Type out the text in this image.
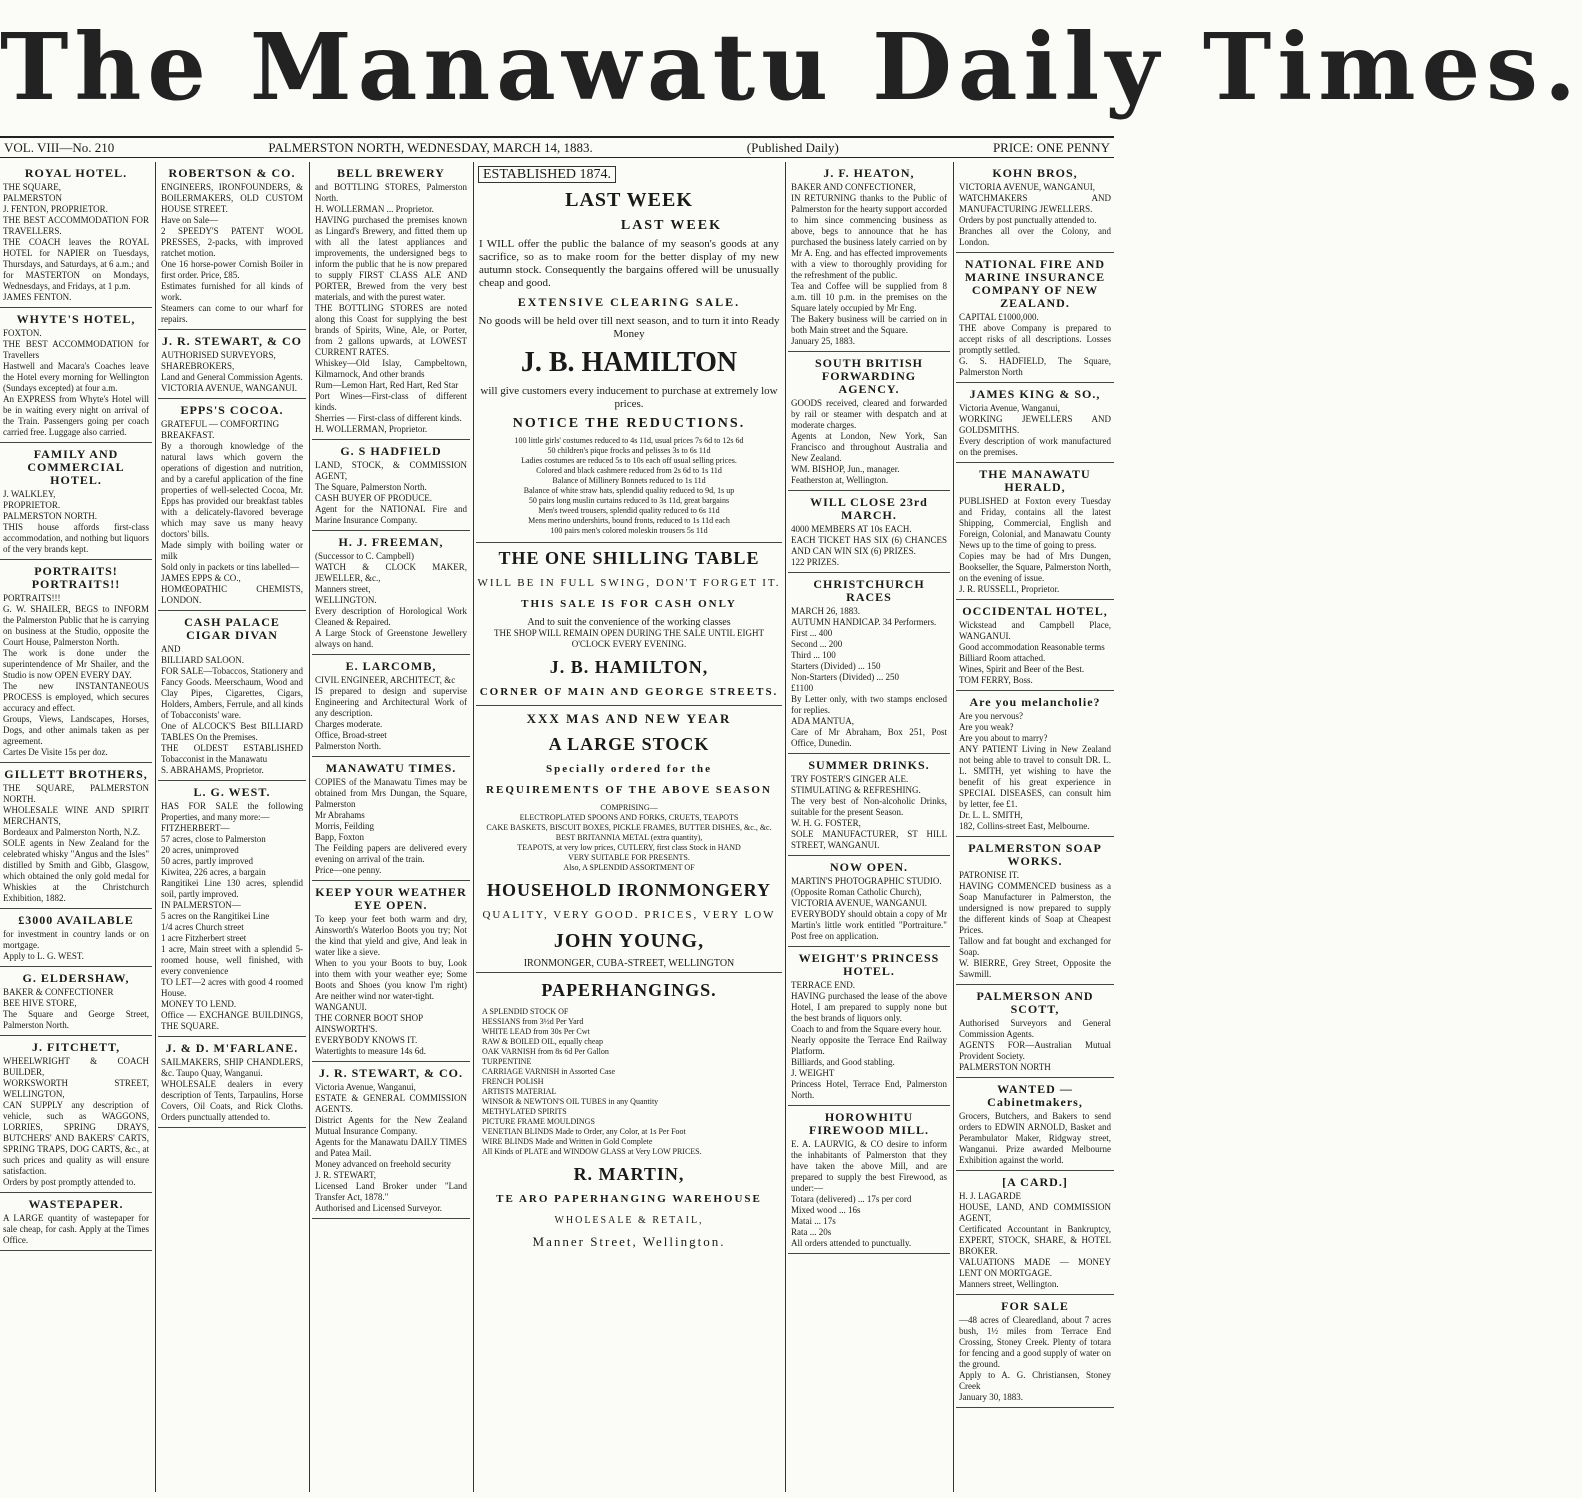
The Manawatu Daily Times.
VOL. VIII—No. 210	PALMERSTON NORTH, WEDNESDAY, MARCH 14, 1883.	(Published Daily)	PRICE: ONE PENNY
ROYAL HOTEL.
THE SQUARE,
PALMERSTON
J. FENTON, PROPRIETOR.
THE BEST ACCOMMODATION FOR TRAVELLERS.
THE COACH leaves the ROYAL HOTEL for NAPIER on Tuesdays, Thursdays, and Saturdays, at 6 a.m.; and for MASTERTON on Mondays, Wednesdays, and Fridays, at 1 p.m.
JAMES FENTON.
WHYTE'S HOTEL,
FOXTON.
THE BEST ACCOMMODATION for Travellers
Hastwell and Macara's Coaches leave the Hotel every morning for Wellington (Sundays excepted) at four a.m.
An EXPRESS from Whyte's Hotel will be in waiting every night on arrival of the Train. Passengers going per coach carried free. Luggage also carried.
FAMILY AND COMMERCIAL HOTEL.
J. WALKLEY,
PROPRIETOR.
PALMERSTON NORTH.
THIS house affords first-class accommodation, and nothing but liquors of the very brands kept.
PORTRAITS! PORTRAITS!!
PORTRAITS!!!
G. W. SHAILER, BEGS to INFORM the Palmerston Public that he is carrying on business at the Studio, opposite the Court House, Palmerston North.
The work is done under the superintendence of Mr Shailer, and the Studio is now OPEN EVERY DAY.
The new INSTANTANEOUS PROCESS is employed, which secures accuracy and effect.
Groups, Views, Landscapes, Horses, Dogs, and other animals taken as per agreement.
Cartes De Visite 15s per doz.
GILLETT BROTHERS,
THE SQUARE, PALMERSTON NORTH.
WHOLESALE WINE AND SPIRIT MERCHANTS,
Bordeaux and Palmerston North, N.Z.
SOLE agents in New Zealand for the celebrated whisky "Angus and the Isles" distilled by Smith and Gibb, Glasgow, which obtained the only gold medal for Whiskies at the Christchurch Exhibition, 1882.
£3000 AVAILABLE
for investment in country lands or on mortgage.
Apply to L. G. WEST.
G. ELDERSHAW,
BAKER & CONFECTIONER
BEE HIVE STORE,
The Square and George Street, Palmerston North.
J. FITCHETT,
WHEELWRIGHT & COACH BUILDER,
WORKSWORTH STREET, WELLINGTON,
CAN SUPPLY any description of vehicle, such as WAGGONS, LORRIES, SPRING DRAYS, BUTCHERS' AND BAKERS' CARTS, SPRING TRAPS, DOG CARTS, &c., at such prices and quality as will ensure satisfaction.
Orders by post promptly attended to.
WASTEPAPER.
A LARGE quantity of wastepaper for sale cheap, for cash. Apply at the Times Office.
ROBERTSON & CO.
ENGINEERS, IRONFOUNDERS, & BOILERMAKERS, OLD CUSTOM HOUSE STREET.
Have on Sale—
2 SPEEDY'S PATENT WOOL PRESSES, 2-packs, with improved ratchet motion.
One 16 horse-power Cornish Boiler in first order. Price, £85.
Estimates furnished for all kinds of work.
Steamers can come to our wharf for repairs.
J. R. STEWART, & CO
AUTHORISED SURVEYORS,
SHAREBROKERS,
Land and General Commission Agents.
VICTORIA AVENUE, WANGANUI.
EPPS'S COCOA.
GRATEFUL — COMFORTING
BREAKFAST.
By a thorough knowledge of the natural laws which govern the operations of digestion and nutrition, and by a careful application of the fine properties of well-selected Cocoa, Mr. Epps has provided our breakfast tables with a delicately-flavored beverage which may save us many heavy doctors' bills.
Made simply with boiling water or milk
Sold only in packets or tins labelled—
JAMES EPPS & CO.,
HOMŒOPATHIC CHEMISTS, LONDON.
CASH PALACE CIGAR DIVAN
AND
BILLIARD SALOON.
FOR SALE—Tobaccos, Stationery and Fancy Goods. Meerschaum, Wood and Clay Pipes, Cigarettes, Cigars, Holders, Ambers, Ferrule, and all kinds of Tobacconists' ware.
One of ALCOCK'S Best BILLIARD TABLES On the Premises.
THE OLDEST ESTABLISHED Tobacconist in the Manawatu
S. ABRAHAMS, Proprietor.
L. G. WEST.
HAS FOR SALE the following Properties, and many more:—
FITZHERBERT—
57 acres, close to Palmerston
20 acres, unimproved
50 acres, partly improved
Kiwitea, 226 acres, a bargain
Rangitikei Line 130 acres, splendid soil, partly improved.
IN PALMERSTON—
5 acres on the Rangitikei Line
1/4 acres Church street
1 acre Fitzherbert street
1 acre, Main street with a splendid 5-roomed house, well finished, with every convenience
TO LET—2 acres with good 4 roomed House.
MONEY TO LEND.
Office — EXCHANGE BUILDINGS, THE SQUARE.
J. & D. M'FARLANE.
SAILMAKERS, SHIP CHANDLERS, &c. Taupo Quay, Wanganui.
WHOLESALE dealers in every description of Tents, Tarpaulins, Horse Covers, Oil Coats, and Rick Cloths. Orders punctually attended to.
BELL BREWERY
and BOTTLING STORES, Palmerston North.
H. WOLLERMAN ... Proprietor.
HAVING purchased the premises known as Lingard's Brewery, and fitted them up with all the latest appliances and improvements, the undersigned begs to inform the public that he is now prepared to supply FIRST CLASS ALE AND PORTER, Brewed from the very best materials, and with the purest water.
THE BOTTLING STORES are noted along this Coast for supplying the best brands of Spirits, Wine, Ale, or Porter, from 2 gallons upwards, at LOWEST CURRENT RATES.
Whiskey—Old Islay, Campbeltown, Kilmarnock, And other brands
Rum—Lemon Hart, Red Hart, Red Star
Port Wines—First-class of different kinds.
Sherries — First-class of different kinds.
H. WOLLERMAN, Proprietor.
G. S HADFIELD
LAND, STOCK, & COMMISSION AGENT,
The Square, Palmerston North.
CASH BUYER OF PRODUCE.
Agent for the NATIONAL Fire and Marine Insurance Company.
H. J. FREEMAN,
(Successor to C. Campbell)
WATCH & CLOCK MAKER, JEWELLER, &c.,
Manners street,
WELLINGTON.
Every description of Horological Work Cleaned & Repaired.
A Large Stock of Greenstone Jewellery always on hand.
E. LARCOMB,
CIVIL ENGINEER, ARCHITECT, &c
IS prepared to design and supervise Engineering and Architectural Work of any description.
Charges moderate.
Office, Broad-street
Palmerston North.
MANAWATU TIMES.
COPIES of the Manawatu Times may be obtained from Mrs Dungan, the Square, Palmerston
Mr Abrahams
Morris, Feilding
Bapp, Foxton
The Feilding papers are delivered every evening on arrival of the train.
Price—one penny.
KEEP YOUR WEATHER EYE OPEN.
To keep your feet both warm and dry, Ainsworth's Waterloo Boots you try; Not the kind that yield and give, And leak in water like a sieve.
When to you your Boots to buy, Look into them with your weather eye; Some Boots and Shoes (you know I'm right) Are neither wind nor water-tight.
WANGANUI.
THE CORNER BOOT SHOP
AINSWORTH'S.
EVERYBODY KNOWS IT.
Watertights to measure 14s 6d.
J. R. STEWART, & CO.
Victoria Avenue, Wanganui,
ESTATE & GENERAL COMMISSION AGENTS.
District Agents for the New Zealand Mutual Insurance Company.
Agents for the Manawatu DAILY TIMES and Patea Mail.
Money advanced on freehold security
J. R. STEWART,
Licensed Land Broker under "Land Transfer Act, 1878."
Authorised and Licensed Surveyor.
ESTABLISHED 1874.
LAST WEEK
LAST WEEK
I WILL offer the public the balance of my season's goods at any sacrifice, so as to make room for the better display of my new autumn stock. Consequently the bargains offered will be unusually cheap and good.
EXTENSIVE CLEARING SALE.
No goods will be held over till next season, and to turn it into Ready Money
J. B. HAMILTON
will give customers every inducement to purchase at extremely low prices.
NOTICE THE REDUCTIONS.
100 little girls' costumes reduced to 4s 11d, usual prices 7s 6d to 12s 6d
50 children's pique frocks and pelisses 3s to 6s 11d
Ladies costumes are reduced 5s to 10s each off usual selling prices.
Colored and black cashmere reduced from 2s 6d to 1s 11d
Balance of Millinery Bonnets reduced to 1s 11d
Balance of white straw hats, splendid quality reduced to 9d, 1s up
50 pairs long muslin curtains reduced to 3s 11d, great bargains
Men's tweed trousers, splendid quality reduced to 6s 11d
Mens merino undershirts, bound fronts, reduced to 1s 11d each
100 pairs men's colored moleskin trousers 5s 11d
THE ONE SHILLING TABLE
WILL BE IN FULL SWING, DON'T FORGET IT.
THIS SALE IS FOR CASH ONLY
And to suit the convenience of the working classes
THE SHOP WILL REMAIN OPEN DURING THE SALE UNTIL EIGHT O'CLOCK EVERY EVENING.
J. B. HAMILTON,
CORNER OF MAIN AND GEORGE STREETS.
XXX MAS AND NEW YEAR
A LARGE STOCK
Specially ordered for the
REQUIREMENTS OF THE ABOVE SEASON
COMPRISING—
ELECTROPLATED SPOONS AND FORKS, CRUETS, TEAPOTS
CAKE BASKETS, BISCUIT BOXES, PICKLE FRAMES, BUTTER DISHES, &c., &c.
BEST BRITANNIA METAL (extra quantity),
TEAPOTS, at very low prices, CUTLERY, first class Stock in HAND
VERY SUITABLE FOR PRESENTS.
Also, A SPLENDID ASSORTMENT OF
HOUSEHOLD IRONMONGERY
QUALITY, VERY GOOD. PRICES, VERY LOW
JOHN YOUNG,
IRONMONGER, CUBA-STREET, WELLINGTON
PAPERHANGINGS.
A SPLENDID STOCK OF
HESSIANS from 3½d Per Yard
WHITE LEAD from 30s Per Cwt
RAW & BOILED OIL, equally cheap
OAK VARNISH from 8s 6d Per Gallon
TURPENTINE
CARRIAGE VARNISH in Assorted Case
FRENCH POLISH
ARTISTS MATERIAL
WINSOR & NEWTON'S OIL TUBES in any Quantity
METHYLATED SPIRITS
PICTURE FRAME MOULDINGS
VENETIAN BLINDS Made to Order, any Color, at 1s Per Foot
WIRE BLINDS Made and Written in Gold Complete
All Kinds of PLATE and WINDOW GLASS at Very LOW PRICES.
R. MARTIN,
TE ARO PAPERHANGING WAREHOUSE
WHOLESALE & RETAIL,
Manner Street, Wellington.
J. F. HEATON,
BAKER AND CONFECTIONER,
IN RETURNING thanks to the Public of Palmerston for the hearty support accorded to him since commencing business as above, begs to announce that he has purchased the business lately carried on by Mr A. Eng. and has effected improvements with a view to thoroughly providing for the refreshment of the public.
Tea and Coffee will be supplied from 8 a.m. till 10 p.m. in the premises on the Square lately occupied by Mr Eng.
The Bakery business will be carried on in both Main street and the Square.
January 25, 1883.
SOUTH BRITISH FORWARDING AGENCY.
GOODS received, cleared and forwarded by rail or steamer with despatch and at moderate charges.
Agents at London, New York, San Francisco and throughout Australia and New Zealand.
WM. BISHOP, Jun., manager.
Featherston at, Wellington.
WILL CLOSE 23rd MARCH.
4000 MEMBERS AT 10s EACH.
EACH TICKET HAS SIX (6) CHANCES AND CAN WIN SIX (6) PRIZES.
122 PRIZES.
CHRISTCHURCH RACES
MARCH 26, 1883.
AUTUMN HANDICAP. 34 Performers.
First ... 400
Second ... 200
Third ... 100
Starters (Divided) ... 150
Non-Starters (Divided) ... 250
£1100
By Letter only, with two stamps enclosed for replies.
ADA MANTUA,
Care of Mr Abraham, Box 251, Post Office, Dunedin.
SUMMER DRINKS.
TRY FOSTER'S GINGER ALE.
STIMULATING & REFRESHING.
The very best of Non-alcoholic Drinks, suitable for the present Season.
W. H. G. FOSTER,
SOLE MANUFACTURER, ST HILL STREET, WANGANUI.
NOW OPEN.
MARTIN'S PHOTOGRAPHIC STUDIO.
(Opposite Roman Catholic Church),
VICTORIA AVENUE, WANGANUI.
EVERYBODY should obtain a copy of Mr Martin's little work entitled "Portraiture." Post free on application.
WEIGHT'S PRINCESS HOTEL.
TERRACE END.
HAVING purchased the lease of the above Hotel, I am prepared to supply none but the best brands of liquors only.
Coach to and from the Square every hour.
Nearly opposite the Terrace End Railway Platform.
Billiards, and Good stabling.
J. WEIGHT
Princess Hotel, Terrace End, Palmerston North.
HOROWHITU FIREWOOD MILL.
E. A. LAURVIG, & CO desire to inform the inhabitants of Palmerston that they have taken the above Mill, and are prepared to supply the best Firewood, as under:—
Totara (delivered) ... 17s per cord
Mixed wood ... 16s
Matai ... 17s
Rata ... 20s
All orders attended to punctually.
KOHN BROS,
VICTORIA AVENUE, WANGANUI,
WATCHMAKERS AND MANUFACTURING JEWELLERS.
Orders by post punctually attended to.
Branches all over the Colony, and London.
NATIONAL FIRE AND MARINE INSURANCE COMPANY OF NEW ZEALAND.
CAPITAL £1000,000.
THE above Company is prepared to accept risks of all descriptions. Losses promptly settled.
G. S. HADFIELD, The Square, Palmerston North
JAMES KING & SO.,
Victoria Avenue, Wanganui,
WORKING JEWELLERS AND GOLDSMITHS.
Every description of work manufactured on the premises.
THE MANAWATU HERALD,
PUBLISHED at Foxton every Tuesday and Friday, contains all the latest Shipping, Commercial, English and Foreign, Colonial, and Manawatu County News up to the time of going to press.
Copies may be had of Mrs Dungen, Bookseller, the Square, Palmerston North, on the evening of issue.
J. R. RUSSELL, Proprietor.
OCCIDENTAL HOTEL,
Wickstead and Campbell Place, WANGANUI.
Good accommodation Reasonable terms
Billiard Room attached.
Wines, Spirit and Beer of the Best.
TOM FERRY, Boss.
Are you melancholie?
Are you nervous?
Are you weak?
Are you about to marry?
ANY PATIENT Living in New Zealand not being able to travel to consult DR. L. L. SMITH, yet wishing to have the benefit of his great experience in SPECIAL DISEASES, can consult him by letter, fee £1.
Dr. L. L. SMITH,
182, Collins-street East, Melbourne.
PALMERSTON SOAP WORKS.
PATRONISE IT.
HAVING COMMENCED business as a Soap Manufacturer in Palmerston, the undersigned is now prepared to supply the different kinds of Soap at Cheapest Prices.
Tallow and fat bought and exchanged for Soap.
W. BIERRE, Grey Street, Opposite the Sawmill.
PALMERSON AND SCOTT,
Authorised Surveyors and General Commission Agents.
AGENTS FOR—Australian Mutual Provident Society.
PALMERSTON NORTH
WANTED — Cabinetmakers,
Grocers, Butchers, and Bakers to send orders to EDWIN ARNOLD, Basket and Perambulator Maker, Ridgway street, Wanganui. Prize awarded Melbourne Exhibition against the world.
[A CARD.]
H. J. LAGARDE
HOUSE, LAND, AND COMMISSION AGENT,
Certificated Accountant in Bankruptcy, EXPERT, STOCK, SHARE, & HOTEL BROKER.
VALUATIONS MADE — MONEY LENT ON MORTGAGE.
Manners street, Wellington.
FOR SALE
—48 acres of Clearedland, about 7 acres bush, 1½ miles from Terrace End Crossing, Stoney Creek. Plenty of totara for fencing and a good supply of water on the ground.
Apply to A. G. Christiansen, Stoney Creek
January 30, 1883.
